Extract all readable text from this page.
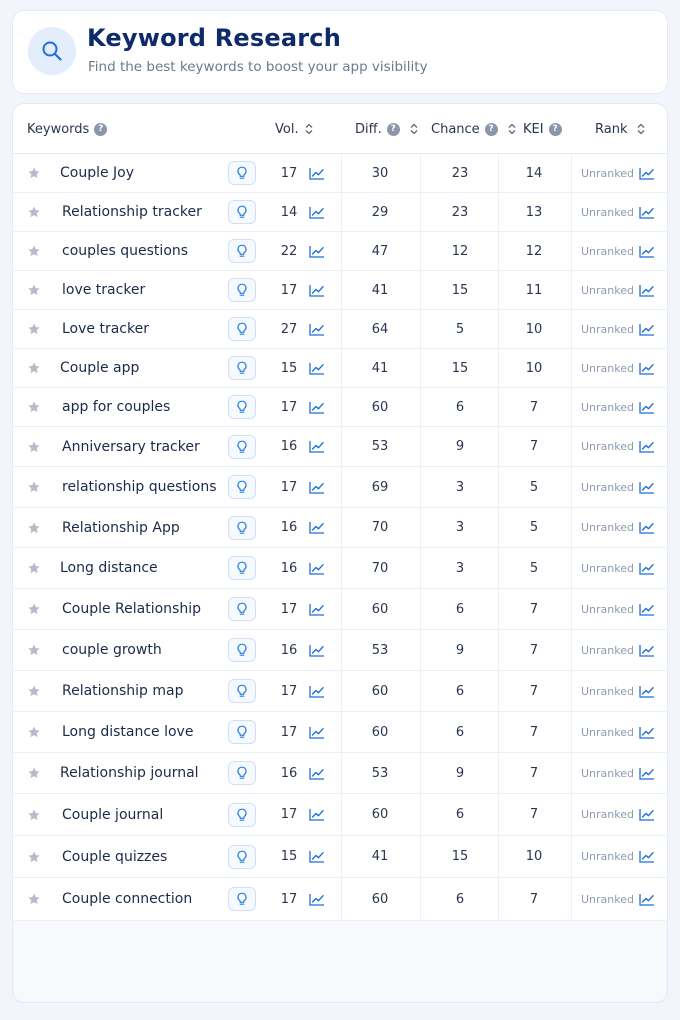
Keyword Research
Find the best keywords to boost your app visibility
Keywords ?	Vol.	Diff. ?	Chance ? KEI ?	Rank
Couple Joy	17	30	23	14	Unranked
Relationship tracker	14	29	23	13	Unranked
couples questions	22	47	12	12	Unranked
love tracker	17	41	15	11	Unranked
Love tracker	27	64	5	10	Unranked
Couple app	15	41	15	10	Unranked
app for couples	17	60	6	7	Unranked
Anniversary tracker	16	53	9	7	Unranked
relationship questions	17	69	3	5	Unranked
Relationship App	16	70	3	5	Unranked
Long distance	16	70	3	5	Unranked
Couple Relationship	17	60	6	7	Unranked
couple growth	16	53	9	7	Unranked
Relationship map	17	60	6	7	Unranked
Long distance love	17	60	6	7	Unranked
Relationship journal	16	53	9	7	Unranked
Couple journal	17	60	6	7	Unranked
Couple quizzes	15	41	15	10	Unranked
Couple connection	17	60	6	7	Unranked
